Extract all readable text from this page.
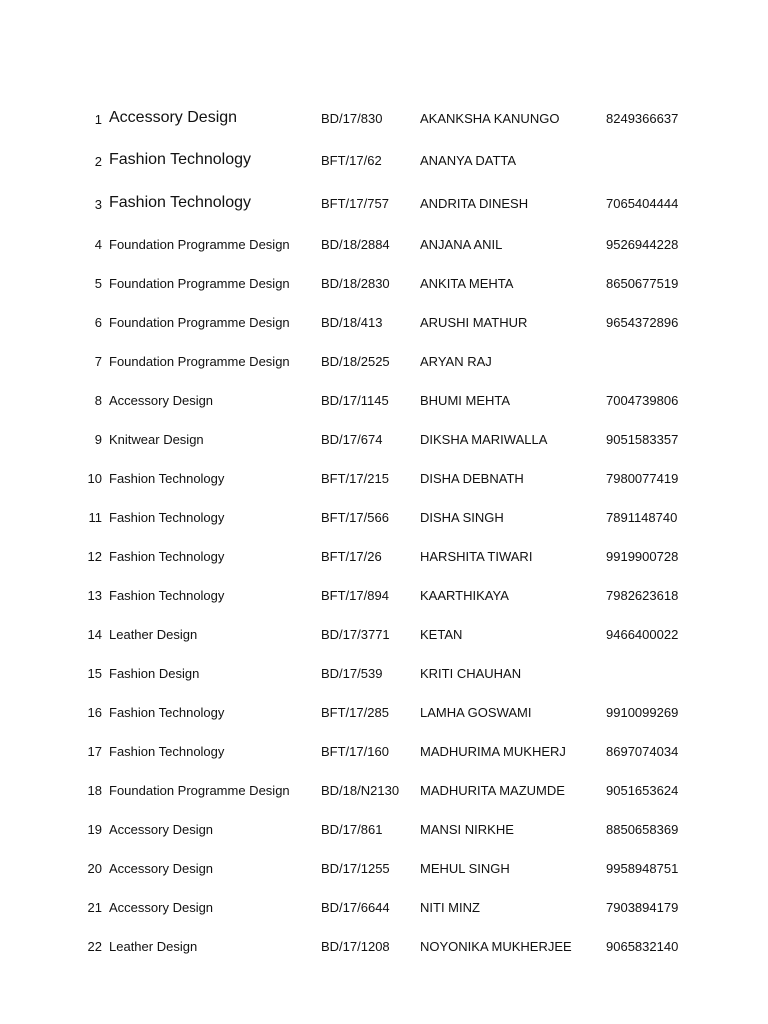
1 Accessory Design	BD/17/830	AKANKSHA KANUNGO	8249366637
2 Fashion Technology	BFT/17/62	ANANYA DATTA
3 Fashion Technology	BFT/17/757	ANDRITA DINESH	7065404444
4 Foundation Programme Design	BD/18/2884	ANJANA ANIL	9526944228
5 Foundation Programme Design	BD/18/2830	ANKITA MEHTA	8650677519
6 Foundation Programme Design	BD/18/413	ARUSHI MATHUR	9654372896
7 Foundation Programme Design	BD/18/2525	ARYAN RAJ
8 Accessory Design	BD/17/1145	BHUMI MEHTA	7004739806
9 Knitwear Design	BD/17/674	DIKSHA MARIWALLA	9051583357
10 Fashion Technology	BFT/17/215	DISHA DEBNATH	7980077419
11 Fashion Technology	BFT/17/566	DISHA SINGH	7891148740
12 Fashion Technology	BFT/17/26	HARSHITA TIWARI	9919900728
13 Fashion Technology	BFT/17/894	KAARTHIKAYA	7982623618
14 Leather Design	BD/17/3771	KETAN	9466400022
15 Fashion Design	BD/17/539	KRITI CHAUHAN
16 Fashion Technology	BFT/17/285	LAMHA GOSWAMI	9910099269
17 Fashion Technology	BFT/17/160	MADHURIMA MUKHERJ	8697074034
18 Foundation Programme Design	BD/18/N2130	MADHURITA MAZUMDE	9051653624
19 Accessory Design	BD/17/861	MANSI NIRKHE	8850658369
20 Accessory Design	BD/17/1255	MEHUL SINGH	9958948751
21 Accessory Design	BD/17/6644	NITI MINZ	7903894179
22 Leather Design	BD/17/1208	NOYONIKA MUKHERJEE	9065832140
